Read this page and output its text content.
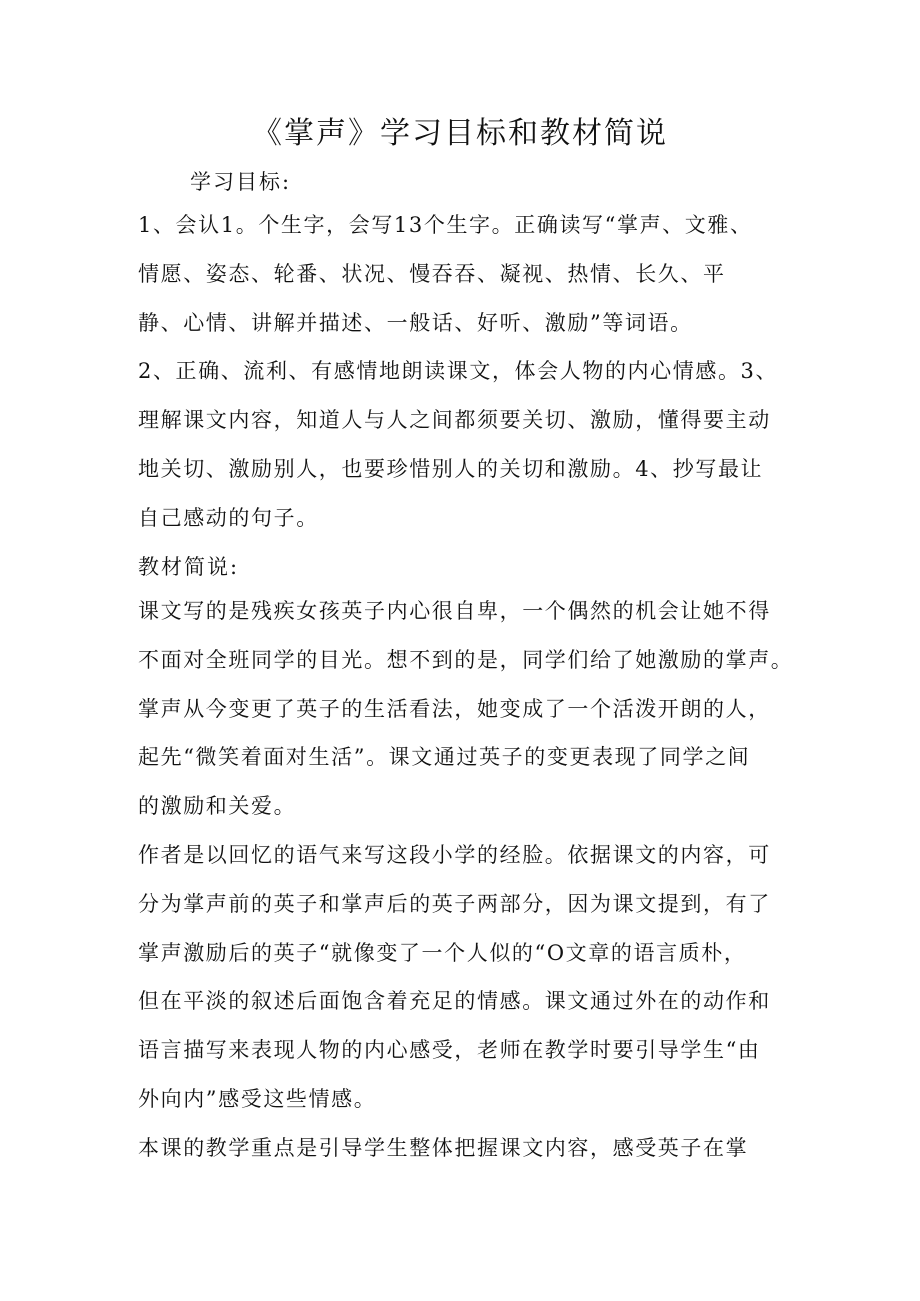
《掌声》学习目标和教材简说
学习目标:
1、会认1。个生字，会写13个生字。正确读写“掌声、文雅、
情愿、姿态、轮番、状况、慢吞吞、凝视、热情、长久、平
静、心情、讲解并描述、一般话、好听、激励”等词语。
2、正确、流利、有感情地朗读课文，体会人物的内心情感。3、
理解课文内容，知道人与人之间都须要关切、激励，懂得要主动
地关切、激励别人，也要珍惜别人的关切和激励。4、抄写最让
自己感动的句子。
教材简说:
课文写的是残疾女孩英子内心很自卑，一个偶然的机会让她不得
不面对全班同学的目光。想不到的是，同学们给了她激励的掌声。
掌声从今变更了英子的生活看法，她变成了一个活泼开朗的人，
起先“微笑着面对生活”。课文通过英子的变更表现了同学之间
的激励和关爱。
作者是以回忆的语气来写这段小学的经脸。依据课文的内容，可
分为掌声前的英子和掌声后的英子两部分，因为课文提到，有了
掌声激励后的英子“就像变了一个人似的“O文章的语言质朴，
但在平淡的叙述后面饱含着充足的情感。课文通过外在的动作和
语言描写来表现人物的内心感受，老师在教学时要引导学生“由
外向内”感受这些情感。
本课的教学重点是引导学生整体把握课文内容，感受英子在掌
